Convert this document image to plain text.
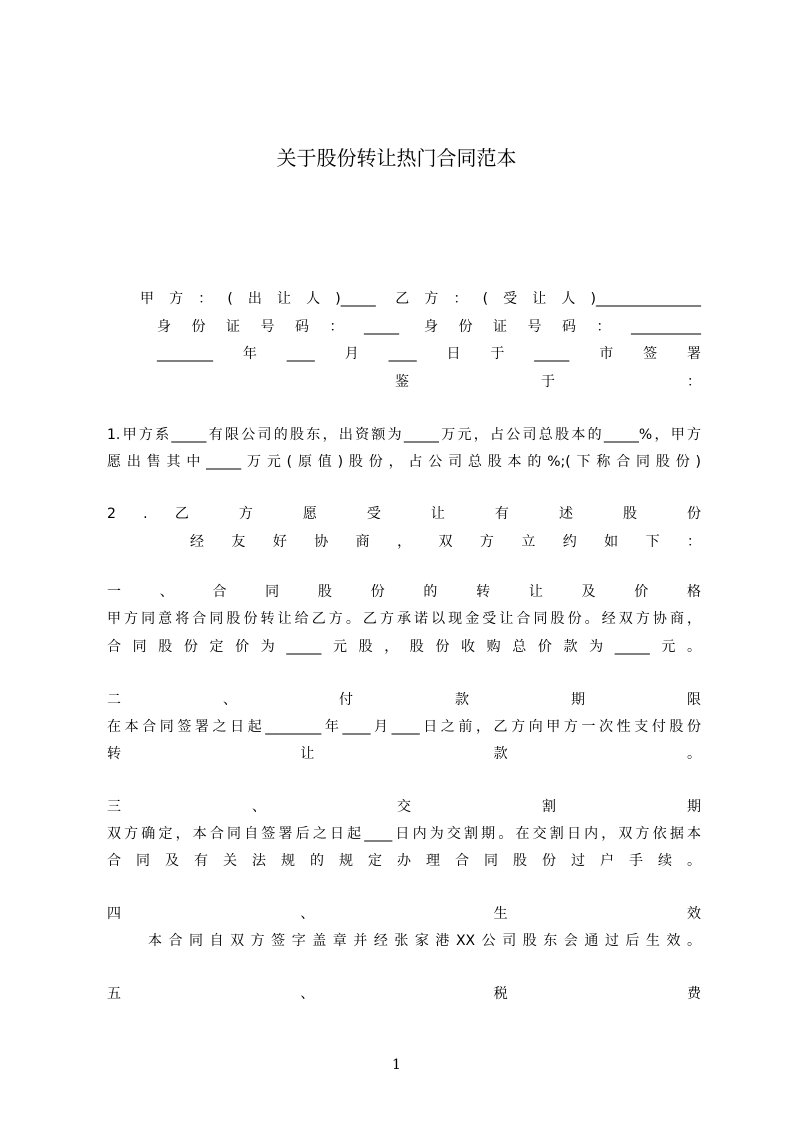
关于股份转让热门合同范本
甲方：(出让人)_____ 乙方：(受让人)_______________
身份证号码：_____ 身份证号码：__________
________年____月____日于_____市签署
鉴 于 ：
1.甲方系_____有限公司的股东，出资额为_____万元，占公司总股本的_____%，甲方
愿出售其中_____万元(原值)股份，占公司总股本的%;(下称合同股份)
2 . 乙 方 愿 受 让 有 述 股 份
经 友 好 协 商 ， 双 方 立 约 如 下 ：
一 、 合 同 股 份 的 转 让 及 价 格
甲方同意将合同股份转让给乙方。乙方承诺以现金受让合同股份。经双方协商，
合同股份定价为_____元股，股份收购总价款为_____元。
二 、 付 款 期 限
在本合同签署之日起________年____月____日之前，乙方向甲方一次性支付股份
转 让 款 。
三 、 交 割 期
双方确定，本合同自签署后之日起____日内为交割期。在交割日内，双方依据本
合同及有关法规的规定办理合同股份过户手续。
四 、 生 效
本合同自双方签字盖章并经张家港XX公司股东会通过后生效。
五 、 税 费
1
